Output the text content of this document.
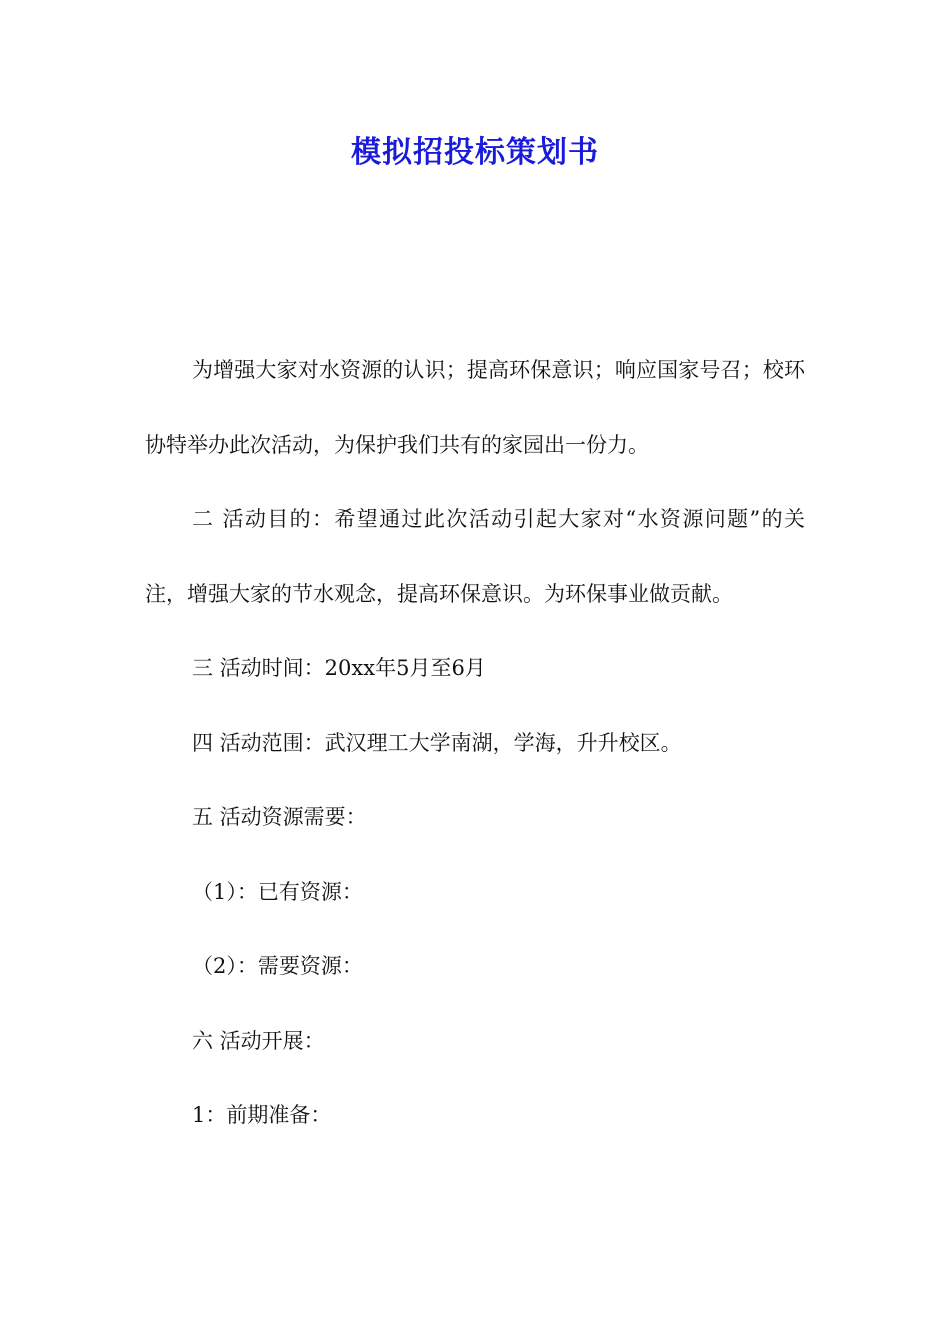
模拟招投标策划书

为增强大家对水资源的认识；提高环保意识；响应国家号召；校环协特举办此次活动，为保护我们共有的家园出一份力。

二 活动目的：希望通过此次活动引起大家对“水资源问题”的关注，增强大家的节水观念，提高环保意识。为环保事业做贡献。

三 活动时间：20xx年5月至6月

四 活动范围：武汉理工大学南湖，学海，升升校区。

五 活动资源需要：

（1）：已有资源：

（2）：需要资源：

六 活动开展：

1：前期准备：
